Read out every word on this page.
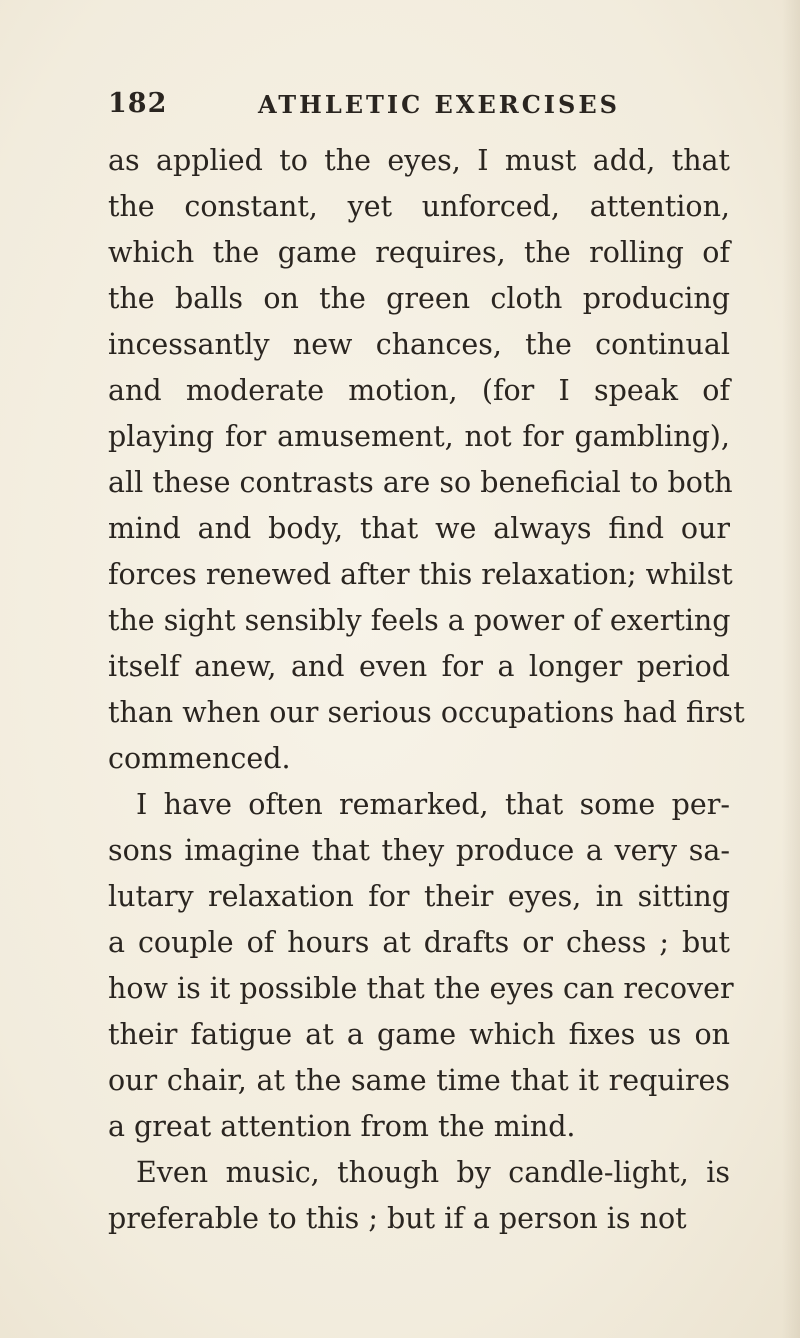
182	ATHLETIC EXERCISES
as applied to the eyes, I must add, that
the constant, yet unforced, attention,
which the game requires, the rolling of
the balls on the green cloth producing
incessantly new chances, the continual
and moderate motion, (for I speak of
playing for amusement, not for gambling),
all these contrasts are so beneficial to both
mind and body, that we always find our
forces renewed after this relaxation; whilst
the sight sensibly feels a power of exerting
itself anew, and even for a longer period
than when our serious occupations had first
commenced.
I have often remarked, that some per-
sons imagine that they produce a very sa-
lutary relaxation for their eyes, in sitting
a couple of hours at drafts or chess ; but
how is it possible that the eyes can recover
their fatigue at a game which fixes us on
our chair, at the same time that it requires
a great attention from the mind.
Even music, though by candle-light, is
preferable to this ; but if a person is not
